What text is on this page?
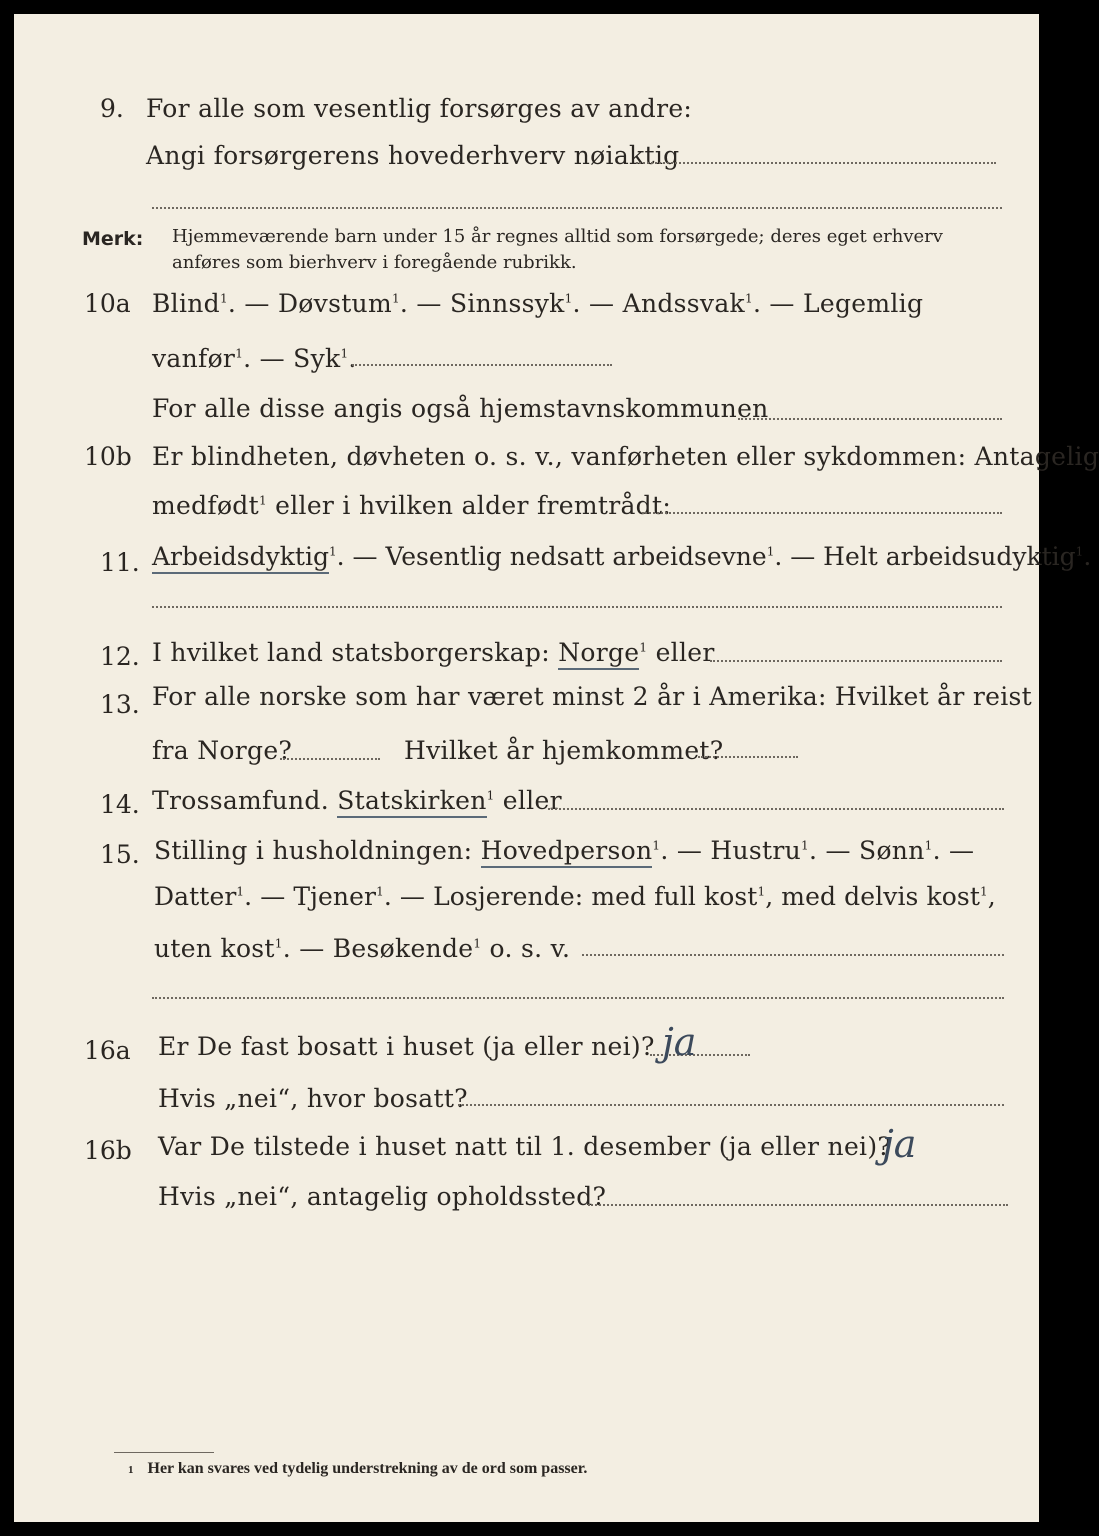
9. For alle som vesentlig forsørges av andre:
Angi forsørgerens hovederhverv nøiaktig
Merk: Hjemmeværende barn under 15 år regnes alltid som forsørgede; deres eget erhverv
anføres som bierhverv i foregående rubrikk.
10a Blind$^1$. — Døvstum$^1$. — Sinnssyk$^1$. — Andssvak$^1$. — Legemlig
vanfør$^1$. — Syk$^1$.
For alle disse angis også hjemstavnskommunen
10b Er blindheten, døvheten o. s. v., vanførheten eller sykdommen: Antagelig
medfødt$^1$ eller i hvilken alder fremtrådt:
11. Arbeidsdyktig$^1$. — Vesentlig nedsatt arbeidsevne$^1$. — Helt arbeidsudyktig$^1$.
12. I hvilket land statsborgerskap: Norge$^1$ eller
13. For alle norske som har været minst 2 år i Amerika: Hvilket år reist
fra Norge?	Hvilket år hjemkommet?
14. Trossamfund. Statskirken$^1$ eller
15. Stilling i husholdningen: Hovedperson$^1$. — Hustru$^1$. — Sønn$^1$. —
Datter$^1$. — Tjener$^1$. — Losjerende: med full kost$^1$, med delvis kost$^1$,
uten kost$^1$. — Besøkende$^1$ o. s. v.
16a Er De fast bosatt i huset (ja eller nei)? ja
Hvis „nei“, hvor bosatt?
16b Var De tilstede i huset natt til 1. desember (ja eller nei)?
ja
Hvis „nei“, antagelig opholdssted?
1 Her kan svares ved tydelig understrekning av de ord som passer.
